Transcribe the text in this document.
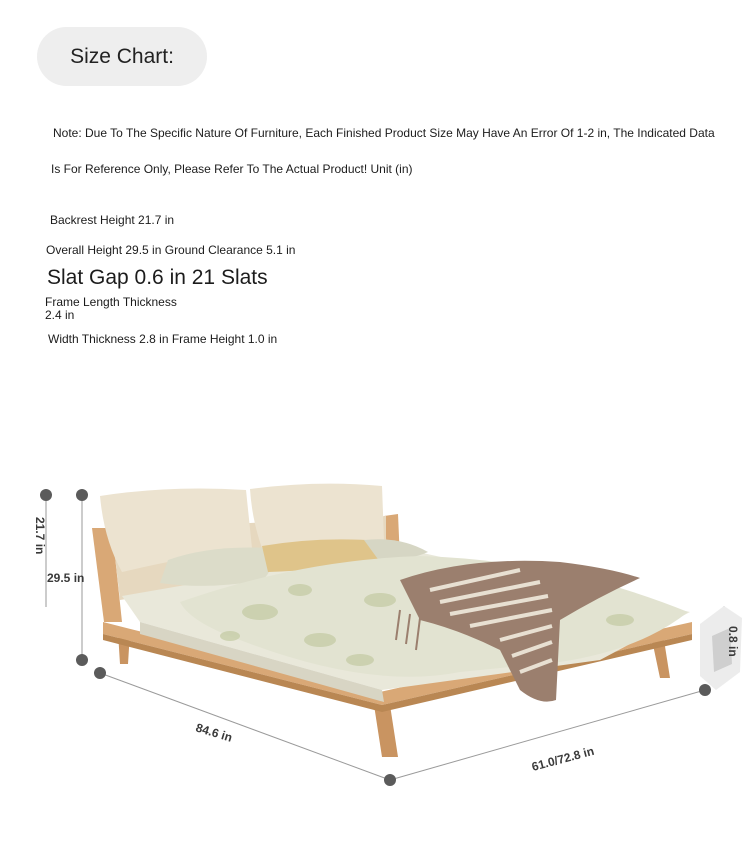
Size Chart:
Note: Due To The Specific Nature Of Furniture, Each Finished Product Size May Have An Error Of 1-2 in, The Indicated Data
Is For Reference Only, Please Refer To The Actual Product! Unit (in)
Backrest Height 21.7 in
Overall Height 29.5 in Ground Clearance 5.1 in
Slat Gap 0.6 in 21 Slats
Frame Length Thickness
2.4 in
Width Thickness 2.8 in Frame Height 1.0 in
21.7 in
29.5 in
84.6 in
61.0/72.8 in
0.8 in
